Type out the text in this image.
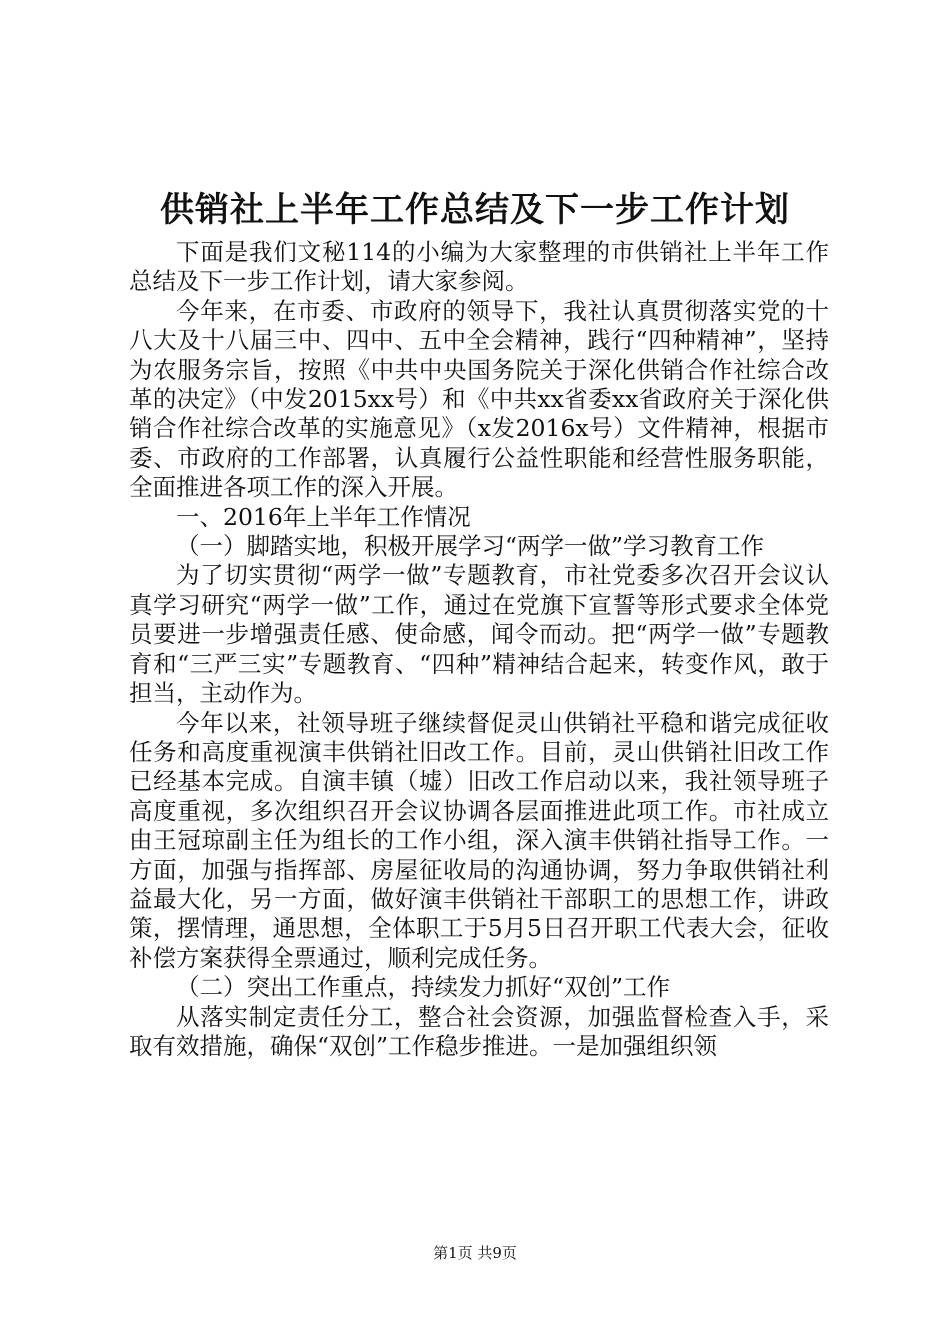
供销社上半年工作总结及下一步工作计划

下面是我们文秘114的小编为大家整理的市供销社上半年工作总结及下一步工作计划，请大家参阅。

今年来，在市委、市政府的领导下，我社认真贯彻落实党的十八大及十八届三中、四中、五中全会精神，践行“四种精神”，坚持为农服务宗旨，按照《中共中央国务院关于深化供销合作社综合改革的决定》（中发2015xx号）和《中共xx省委xx省政府关于深化供销合作社综合改革的实施意见》（x发2016x号）文件精神，根据市委、市政府的工作部署，认真履行公益性职能和经营性服务职能，全面推进各项工作的深入开展。

一、2016年上半年工作情况

（一）脚踏实地，积极开展学习“两学一做”学习教育工作

为了切实贯彻“两学一做”专题教育，市社党委多次召开会议认真学习研究“两学一做”工作，通过在党旗下宣誓等形式要求全体党员要进一步增强责任感、使命感，闻令而动。把“两学一做”专题教育和“三严三实”专题教育、“四种”精神结合起来，转变作风，敢于担当，主动作为。

今年以来，社领导班子继续督促灵山供销社平稳和谐完成征收任务和高度重视演丰供销社旧改工作。目前，灵山供销社旧改工作已经基本完成。自演丰镇（墟）旧改工作启动以来，我社领导班子高度重视，多次组织召开会议协调各层面推进此项工作。市社成立由王冠琼副主任为组长的工作小组，深入演丰供销社指导工作。一方面，加强与指挥部、房屋征收局的沟通协调，努力争取供销社利益最大化，另一方面，做好演丰供销社干部职工的思想工作，讲政策，摆情理，通思想，全体职工于5月5日召开职工代表大会，征收补偿方案获得全票通过，顺利完成任务。

（二）突出工作重点，持续发力抓好“双创”工作

从落实制定责任分工，整合社会资源，加强监督检查入手，采取有效措施，确保“双创”工作稳步推进。一是加强组织领

第1页 共9页
